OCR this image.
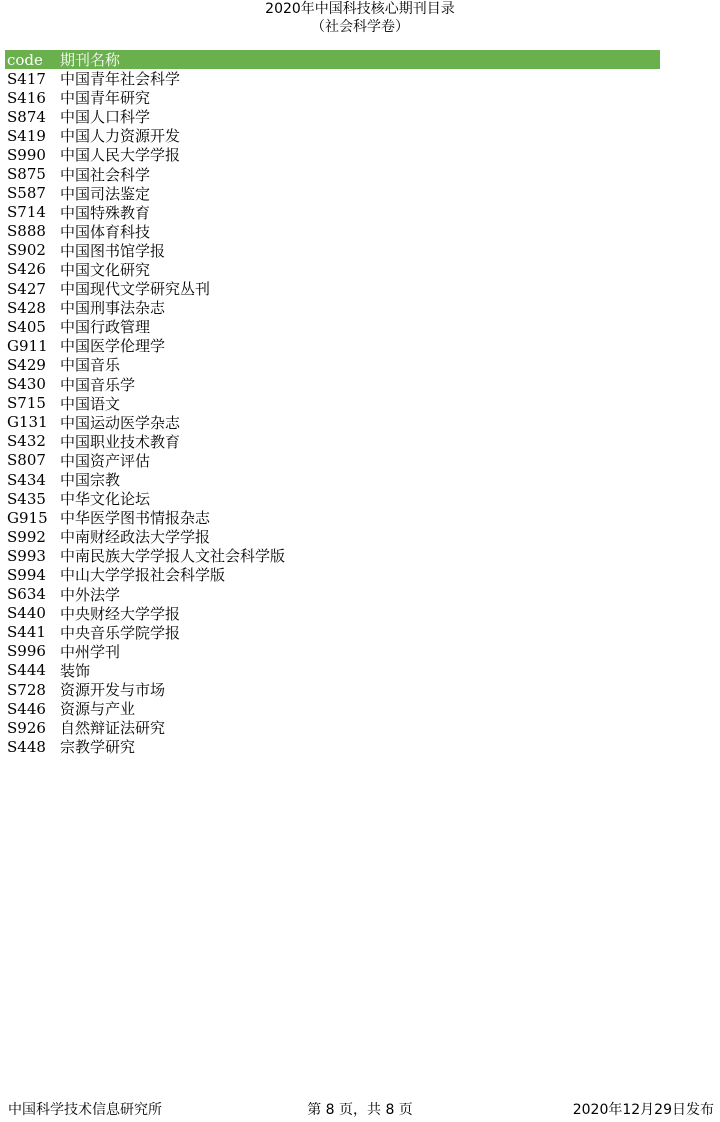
2020年中国科技核心期刊目录
（社会科学卷）
code	期刊名称
S417 中国青年社会科学
S416 中国青年研究
S874 中国人口科学
S419 中国人力资源开发
S990 中国人民大学学报
S875 中国社会科学
S587 中国司法鉴定
S714 中国特殊教育
S888 中国体育科技
S902 中国图书馆学报
S426 中国文化研究
S427 中国现代文学研究丛刊
S428 中国刑事法杂志
S405 中国行政管理
G911 中国医学伦理学
S429 中国音乐
S430 中国音乐学
S715 中国语文
G131 中国运动医学杂志
S432 中国职业技术教育
S807 中国资产评估
S434 中国宗教
S435 中华文化论坛
G915 中华医学图书情报杂志
S992 中南财经政法大学学报
S993 中南民族大学学报人文社会科学版
S994 中山大学学报社会科学版
S634 中外法学
S440 中央财经大学学报
S441 中央音乐学院学报
S996 中州学刊
S444 装饰
S728 资源开发与市场
S446 资源与产业
S926 自然辩证法研究
S448 宗教学研究
中国科学技术信息研究所	第 8 页，共 8 页	2020年12月29日发布
